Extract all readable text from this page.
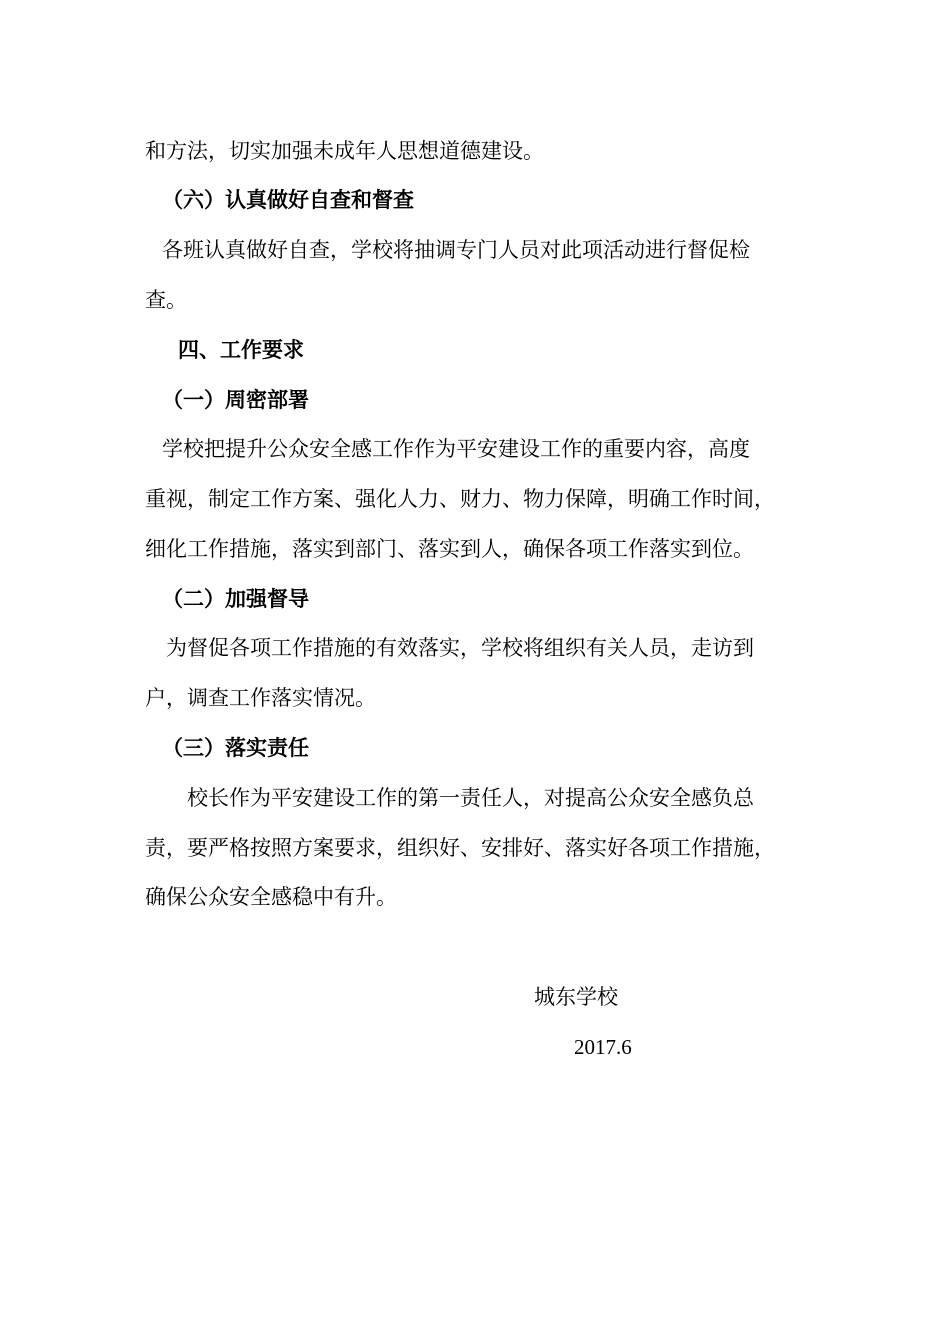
和方法，切实加强未成年人思想道德建设。
（六）认真做好自查和督查
各班认真做好自查，学校将抽调专门人员对此项活动进行督促检
查。
四、工作要求
（一）周密部署
学校把提升公众安全感工作作为平安建设工作的重要内容，高度
重视，制定工作方案、强化人力、财力、物力保障，明确工作时间，
细化工作措施，落实到部门、落实到人，确保各项工作落实到位。
（二）加强督导
为督促各项工作措施的有效落实，学校将组织有关人员，走访到
户，调查工作落实情况。
（三）落实责任
校长作为平安建设工作的第一责任人，对提高公众安全感负总
责，要严格按照方案要求，组织好、安排好、落实好各项工作措施，
确保公众安全感稳中有升。
城东学校
2017.6
